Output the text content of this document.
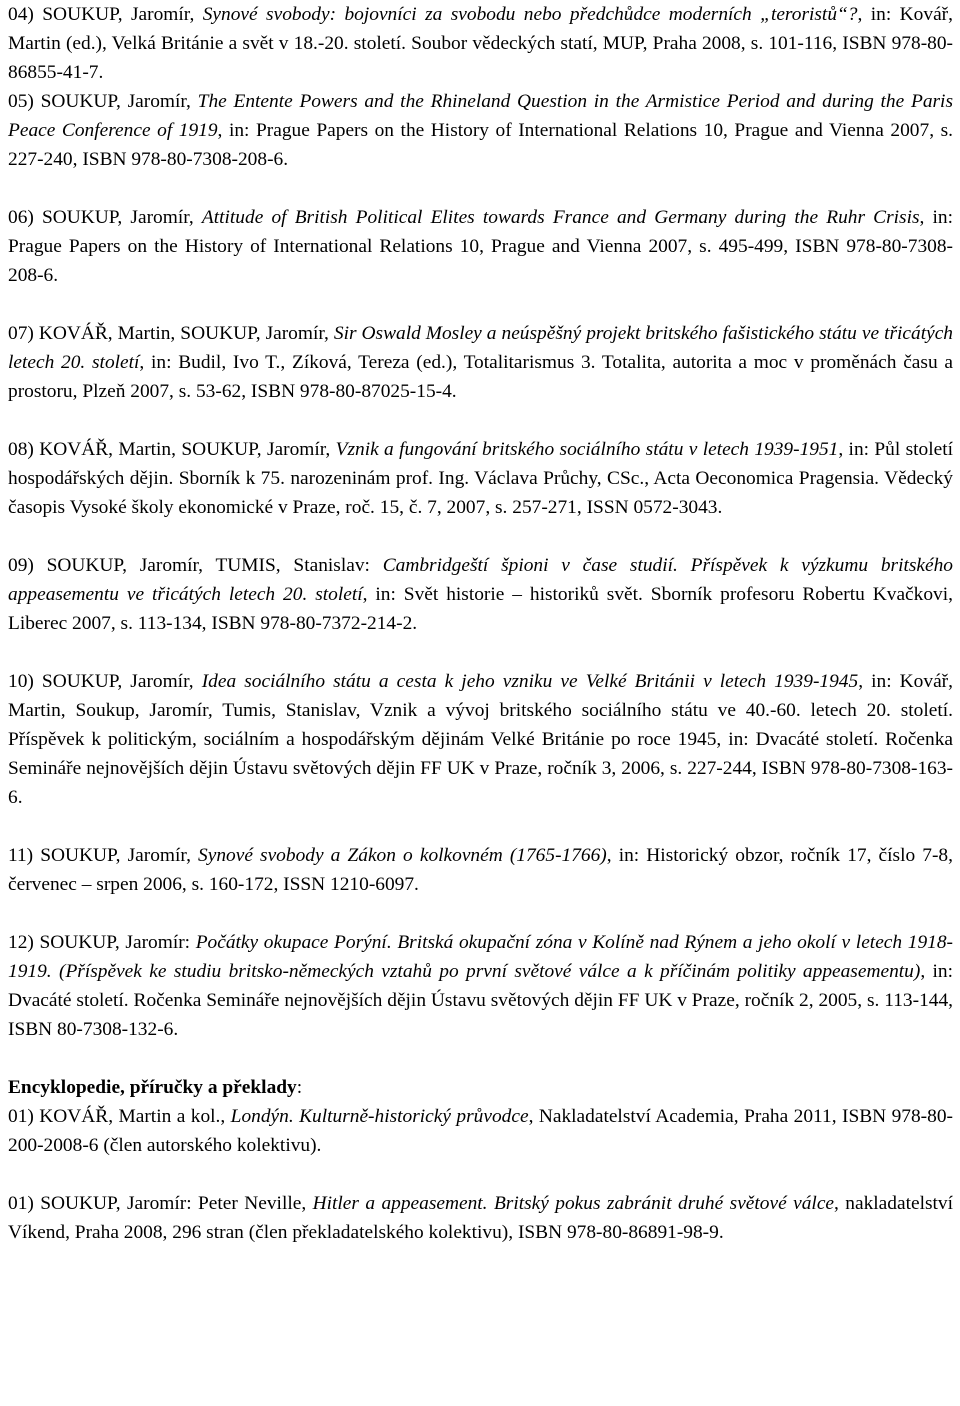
04) SOUKUP, Jaromír, Synové svobody: bojovníci za svobodu nebo předchůdce moderních „teroristů“?, in: Kovář, Martin (ed.), Velká Británie a svět v 18.-20. století. Soubor vědeckých statí, MUP, Praha 2008, s. 101-116, ISBN 978-80-86855-41-7.

05) SOUKUP, Jaromír, The Entente Powers and the Rhineland Question in the Armistice Period and during the Paris Peace Conference of 1919, in: Prague Papers on the History of International Relations 10, Prague and Vienna 2007, s. 227-240, ISBN 978-80-7308-208-6.

06) SOUKUP, Jaromír, Attitude of British Political Elites towards France and Germany during the Ruhr Crisis, in: Prague Papers on the History of International Relations 10, Prague and Vienna 2007, s. 495-499, ISBN 978-80-7308-208-6.

07) KOVÁŘ, Martin, SOUKUP, Jaromír, Sir Oswald Mosley a neúspěšný projekt britského fašistického státu ve třicátých letech 20. století, in: Budil, Ivo T., Zíková, Tereza (ed.), Totalitarismus 3. Totalita, autorita a moc v proměnách času a prostoru, Plzeň 2007, s. 53-62, ISBN 978-80-87025-15-4.

08) KOVÁŘ, Martin, SOUKUP, Jaromír, Vznik a fungování britského sociálního státu v letech 1939-1951, in: Půl století hospodářských dějin. Sborník k 75. narozeninám prof. Ing. Václava Průchy, CSc., Acta Oeconomica Pragensia. Vědecký časopis Vysoké školy ekonomické v Praze, roč. 15, č. 7, 2007, s. 257-271, ISSN 0572-3043.

09) SOUKUP, Jaromír, TUMIS, Stanislav: Cambridgeští špioni v čase studií. Příspěvek k výzkumu britského appeasementu ve třicátých letech 20. století, in: Svět historie – historiků svět. Sborník profesoru Robertu Kvačkovi, Liberec 2007, s. 113-134, ISBN 978-80-7372-214-2.

10) SOUKUP, Jaromír, Idea sociálního státu a cesta k jeho vzniku ve Velké Británii v letech 1939-1945, in: Kovář, Martin, Soukup, Jaromír, Tumis, Stanislav, Vznik a vývoj britského sociálního státu ve 40.-60. letech 20. století. Příspěvek k politickým, sociálním a hospodářským dějinám Velké Británie po roce 1945, in: Dvacáté století. Ročenka Semináře nejnovějších dějin Ústavu světových dějin FF UK v Praze, ročník 3, 2006, s. 227-244, ISBN 978-80-7308-163-6.

11) SOUKUP, Jaromír, Synové svobody a Zákon o kolkovném (1765-1766), in: Historický obzor, ročník 17, číslo 7-8, červenec – srpen 2006, s. 160-172, ISSN 1210-6097.

12) SOUKUP, Jaromír: Počátky okupace Porýní. Britská okupační zóna v Kolíně nad Rýnem a jeho okolí v letech 1918-1919. (Příspěvek ke studiu britsko-německých vztahů po první světové válce a k příčinám politiky appeasementu), in: Dvacáté století. Ročenka Semináře nejnovějších dějin Ústavu světových dějin FF UK v Praze, ročník 2, 2005, s. 113-144, ISBN 80-7308-132-6.

Encyklopedie, příručky a překlady:

01) KOVÁŘ, Martin a kol., Londýn. Kulturně-historický průvodce, Nakladatelství Academia, Praha 2011, ISBN 978-80-200-2008-6 (člen autorského kolektivu).

01) SOUKUP, Jaromír: Peter Neville, Hitler a appeasement. Britský pokus zabránit druhé světové válce, nakladatelství Víkend, Praha 2008, 296 stran (člen překladatelského kolektivu), ISBN 978-80-86891-98-9.
